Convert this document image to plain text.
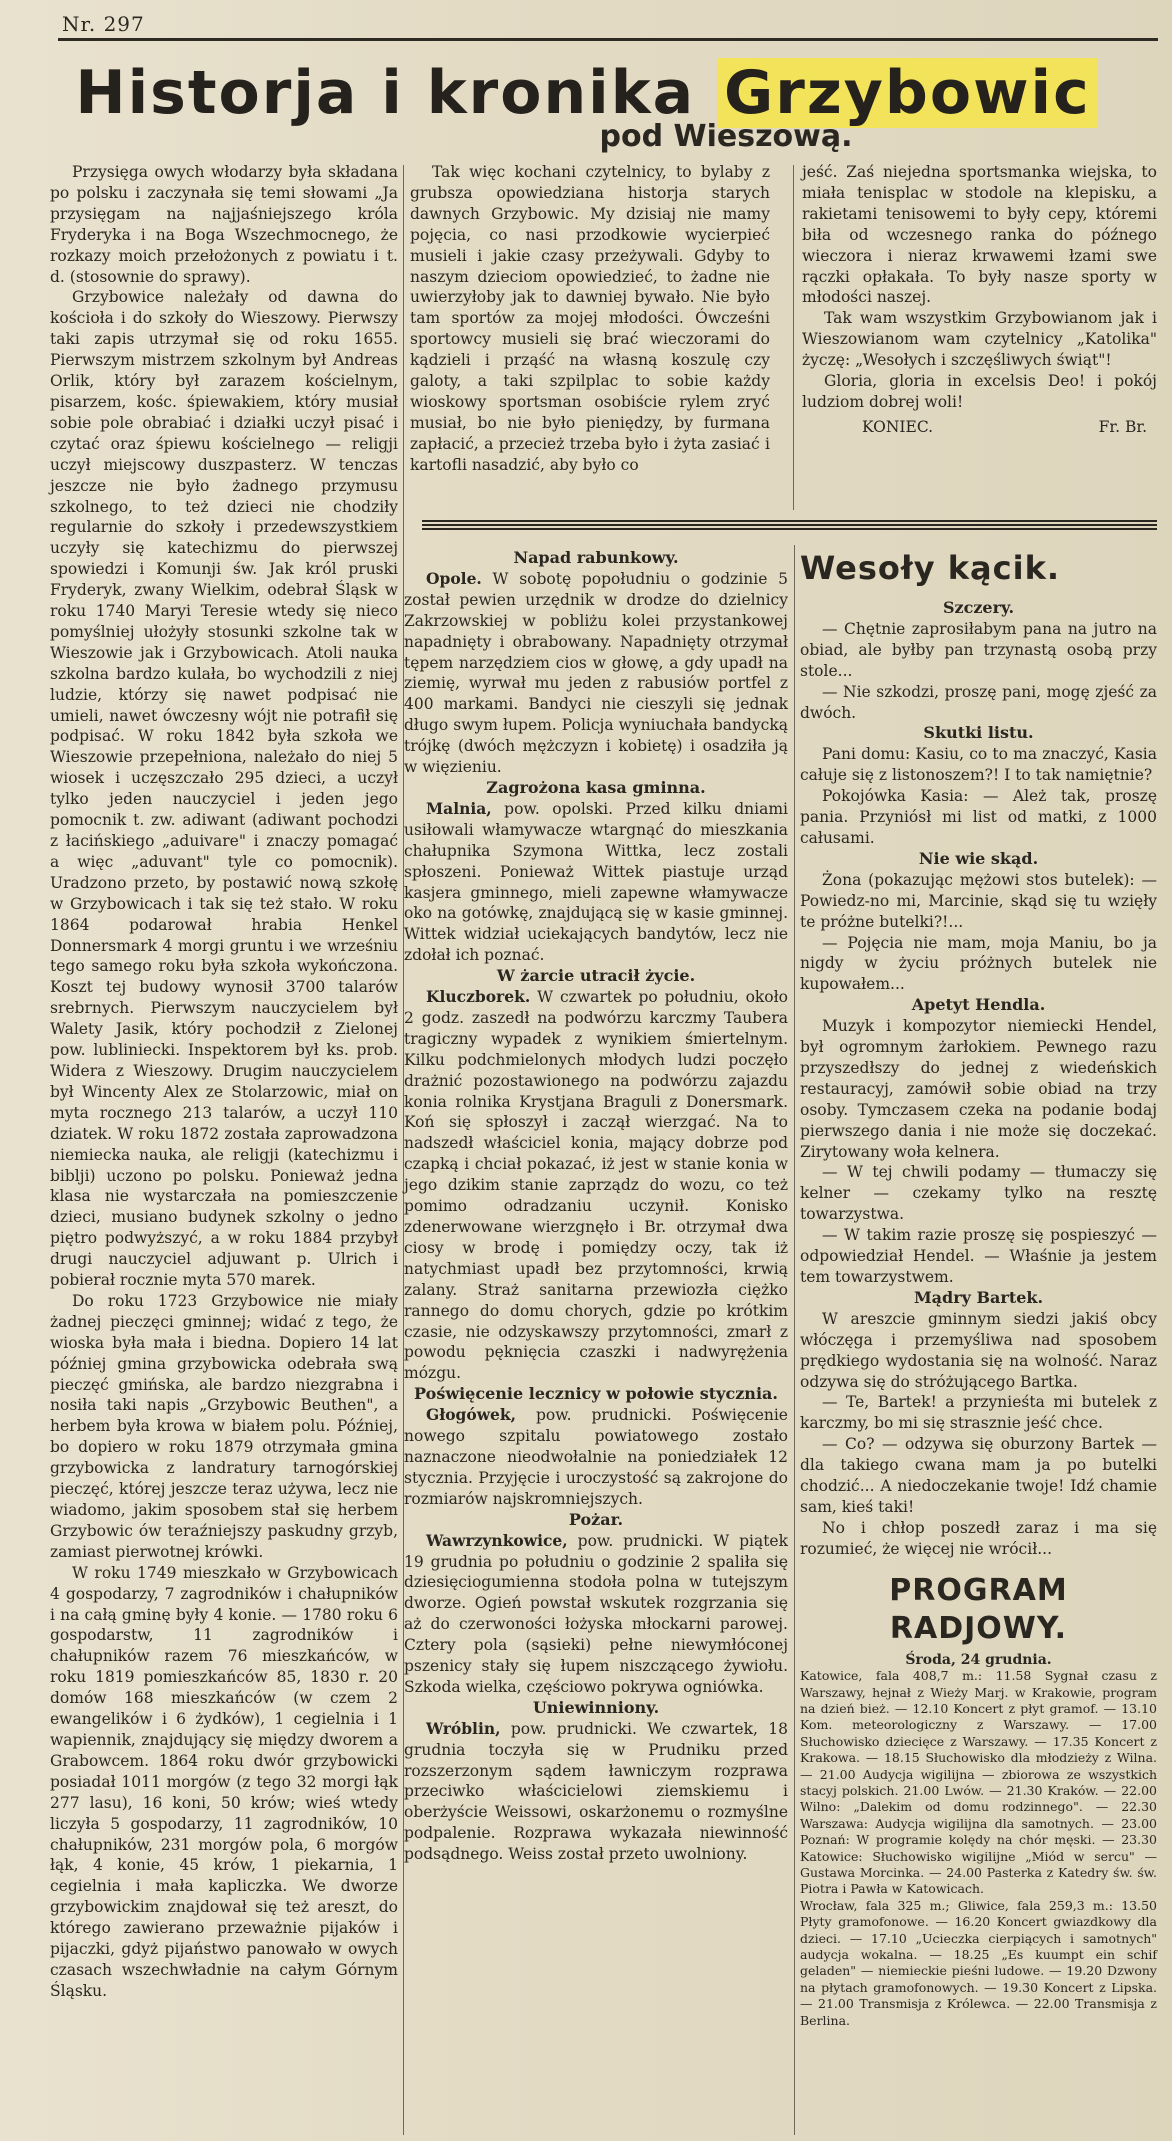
Nr. 297
Historja i kronika Grzybowic
pod Wieszową.

Przysięga owych włodarzy była składana po polsku i zaczynała się temi słowami „Ja przysięgam na najjaśniejszego króla Fryderyka i na Boga Wszechmocnego, że rozkazy moich przełożonych z powiatu i t. d. (stosownie do sprawy).

Grzybowice należały od dawna do kościoła i do szkoły do Wieszowy. Pierwszy taki zapis utrzymał się od roku 1655. Pierwszym mistrzem szkolnym był Andreas Orlik, który był zarazem kościelnym, pisarzem, kośc. śpiewakiem, który musiał sobie pole obrabiać i działki uczył pisać i czytać oraz śpiewu kościelnego — religji uczył miejscowy duszpasterz. W tenczas jeszcze nie było żadnego przymusu szkolnego, to też dzieci nie chodziły regularnie do szkoły i przedewszystkiem uczyły się katechizmu do pierwszej spowiedzi i Komunji św. Jak król pruski Fryderyk, zwany Wielkim, odebrał Śląsk w roku 1740 Maryi Teresie wtedy się nieco pomyślniej ułożyły stosunki szkolne tak w Wieszowie jak i Grzybowicach. Atoli nauka szkolna bardzo kulała, bo wychodzili z niej ludzie, którzy się nawet podpisać nie umieli, nawet ówczesny wójt nie potrafił się podpisać. W roku 1842 była szkoła we Wieszowie przepełniona, należało do niej 5 wiosek i uczęszczało 295 dzieci, a uczył tylko jeden nauczyciel i jeden jego pomocnik t. zw. adiwant (adiwant pochodzi z łacińskiego „aduivare" i znaczy pomagać a więc „aduvant" tyle co pomocnik). Uradzono przeto, by postawić nową szkołę w Grzybowicach i tak się też stało. W roku 1864 podarował hrabia Henkel Donnersmark 4 morgi gruntu i we wrześniu tego samego roku była szkoła wykończona. Koszt tej budowy wynosił 3700 talarów srebrnych. Pierwszym nauczycielem był Walety Jasik, który pochodził z Zielonej pow. lubliniecki. Inspektorem był ks. prob. Widera z Wieszowy. Drugim nauczycielem był Wincenty Alex ze Stolarzowic, miał on myta rocznego 213 talarów, a uczył 110 dziatek. W roku 1872 została zaprowadzona niemiecka nauka, ale religji (katechizmu i biblji) uczono po polsku. Ponieważ jedna klasa nie wystarczała na pomieszczenie dzieci, musiano budynek szkolny o jedno piętro podwyższyć, a w roku 1884 przybył drugi nauczyciel adjuwant p. Ulrich i pobierał rocznie myta 570 marek.

Do roku 1723 Grzybowice nie miały żadnej pieczęci gminnej; widać z tego, że wioska była mała i biedna. Dopiero 14 lat później gmina grzybowicka odebrała swą pieczęć gmińska, ale bardzo niezgrabna i nosiła taki napis „Grzybowic Beuthen", a herbem była krowa w białem polu. Później, bo dopiero w roku 1879 otrzymała gmina grzybowicka z landratury tarnogórskiej pieczęć, której jeszcze teraz używa, lecz nie wiadomo, jakim sposobem stał się herbem Grzybowic ów teraźniejszy paskudny grzyb, zamiast pierwotnej krówki.

W roku 1749 mieszkało w Grzybowicach 4 gospodarzy, 7 zagrodników i chałupników i na całą gminę były 4 konie. — 1780 roku 6 gospodarstw, 11 zagrodników i chałupników razem 76 mieszkańców, w roku 1819 pomieszkańców 85, 1830 r. 20 domów 168 mieszkańców (w czem 2 ewangelików i 6 żydków), 1 cegielnia i 1 wapiennik, znajdujący się między dworem a Grabowcem. 1864 roku dwór grzybowicki posiadał 1011 morgów (z tego 32 morgi łąk 277 lasu), 16 koni, 50 krów; wieś wtedy liczyła 5 gospodarzy, 11 zagrodników, 10 chałupników, 231 morgów pola, 6 morgów łąk, 4 konie, 45 krów, 1 piekarnia, 1 cegielnia i mała kapliczka. We dworze grzybowickim znajdował się też areszt, do którego zawierano przeważnie pijaków i pijaczki, gdyż pijaństwo panowało w owych czasach wszechwładnie na całym Górnym Śląsku.

Tak więc kochani czytelnicy, to bylaby z grubsza opowiedziana historja starych dawnych Grzybowic. My dzisiaj nie mamy pojęcia, co nasi przodkowie wycierpieć musieli i jakie czasy przeżywali. Gdyby to naszym dzieciom opowiedzieć, to żadne nie uwierzyłoby jak to dawniej bywało. Nie było tam sportów za mojej młodości. Ówcześni sportowcy musieli się brać wieczorami do kądzieli i prząść na własną koszulę czy galoty, a taki szpilplac to sobie każdy wioskowy sportsman osobiście rylem zryć musiał, bo nie było pieniędzy, by furmana zapłacić, a przecież trzeba było i żyta zasiać i kartofli nasadzić, aby było co

jeść. Zaś niejedna sportsmanka wiejska, to miała tenisplac w stodole na klepisku, a rakietami tenisowemi to były cepy, któremi biła od wczesnego ranka do późnego wieczora i nieraz krwawemi łzami swe rączki opłakała. To były nasze sporty w młodości naszej.

Tak wam wszystkim Grzybowianom jak i Wieszowianom wam czytelnicy „Katolika" życzę: „Wesołych i szczęśliwych świąt"!

Gloria, gloria in excelsis Deo! i pokój ludziom dobrej woli!

KONIEC.	Fr. Br.

Napad rabunkowy.

Opole. W sobotę popołudniu o godzinie 5 został pewien urzędnik w drodze do dzielnicy Zakrzowskiej w pobliżu kolei przystankowej napadnięty i obrabowany. Napadnięty otrzymał tępem narzędziem cios w głowę, a gdy upadł na ziemię, wyrwał mu jeden z rabusiów portfel z 400 markami. Bandyci nie cieszyli się jednak długo swym łupem. Policja wyniuchała bandycką trójkę (dwóch mężczyzn i kobietę) i osadziła ją w więzieniu.

Zagrożona kasa gminna.

Malnia, pow. opolski. Przed kilku dniami usiłowali włamywacze wtargnąć do mieszkania chałupnika Szymona Wittka, lecz zostali spłoszeni. Ponieważ Wittek piastuje urząd kasjera gminnego, mieli zapewne włamywacze oko na gotówkę, znajdującą się w kasie gminnej. Wittek widział uciekających bandytów, lecz nie zdołał ich poznać.

W żarcie utracił życie.

Kluczborek. W czwartek po południu, około 2 godz. zaszedł na podwórzu karczmy Taubera tragiczny wypadek z wynikiem śmiertelnym. Kilku podchmielonych młodych ludzi poczęło drażnić pozostawionego na podwórzu zajazdu konia rolnika Krystjana Braguli z Donersmark. Koń się spłoszył i zaczął wierzgać. Na to nadszedł właściciel konia, mający dobrze pod czapką i chciał pokazać, iż jest w stanie konia w jego dzikim stanie zaprządz do wozu, co też pomimo odradzaniu uczynił. Konisko zdenerwowane wierzgnęło i Br. otrzymał dwa ciosy w brodę i pomiędzy oczy, tak iż natychmiast upadł bez przytomności, krwią zalany. Straż sanitarna przewiozła ciężko rannego do domu chorych, gdzie po krótkim czasie, nie odzyskawszy przytomności, zmarł z powodu pęknięcia czaszki i nadwyrężenia mózgu.

Poświęcenie lecznicy w połowie stycznia.

Głogówek, pow. prudnicki. Poświęcenie nowego szpitalu powiatowego zostało naznaczone nieodwołalnie na poniedziałek 12 stycznia. Przyjęcie i uroczystość są zakrojone do rozmiarów najskromniejszych.

Pożar.

Wawrzynkowice, pow. prudnicki. W piątek 19 grudnia po południu o godzinie 2 spaliła się dziesięciogumienna stodoła polna w tutejszym dworze. Ogień powstał wskutek rozgrzania się aż do czerwoności łożyska młockarni parowej. Cztery pola (sąsieki) pełne niewymłóconej pszenicy stały się łupem niszczącego żywiołu. Szkoda wielka, częściowo pokrywa ogniówka.

Uniewinniony.

Wróblin, pow. prudnicki. We czwartek, 18 grudnia toczyła się w Prudniku przed rozszerzonym sądem ławniczym rozprawa przeciwko właścicielowi ziemskiemu i oberżyście Weissowi, oskarżonemu o rozmyślne podpalenie. Rozprawa wykazała niewinność podsądnego. Weiss został przeto uwolniony.

Wesoły kącik.

Szczery.

— Chętnie zaprosiłabym pana na jutro na obiad, ale byłby pan trzynastą osobą przy stole...

— Nie szkodzi, proszę pani, mogę zjeść za dwóch.

Skutki listu.

Pani domu: Kasiu, co to ma znaczyć, Kasia całuje się z listonoszem?! I to tak namiętnie?

Pokojówka Kasia: — Ależ tak, proszę pania. Przyniósł mi list od matki, z 1000 całusami.

Nie wie skąd.

Żona (pokazując mężowi stos butelek): — Powiedz-no mi, Marcinie, skąd się tu wzięły te próżne butelki?!...

— Pojęcia nie mam, moja Maniu, bo ja nigdy w życiu próżnych butelek nie kupowałem...

Apetyt Hendla.

Muzyk i kompozytor niemiecki Hendel, był ogromnym żarłokiem. Pewnego razu przyszedłszy do jednej z wiedeńskich restauracyj, zamówił sobie obiad na trzy osoby. Tymczasem czeka na podanie bodaj pierwszego dania i nie może się doczekać. Zirytowany woła kelnera.

— W tej chwili podamy — tłumaczy się kelner — czekamy tylko na resztę towarzystwa.

— W takim razie proszę się pospieszyć — odpowiedział Hendel. — Właśnie ja jestem tem towarzystwem.

Mądry Bartek.

W areszcie gminnym siedzi jakiś obcy włóczęga i przemyśliwa nad sposobem prędkiego wydostania się na wolność. Naraz odzywa się do stróżującego Bartka.

— Te, Bartek! a przynieśta mi butelek z karczmy, bo mi się strasznie jeść chce.

— Co? — odzywa się oburzony Bartek — dla takiego cwana mam ja po butelki chodzić... A niedoczekanie twoje! Idź chamie sam, kieś taki!

No i chłop poszedł zaraz i ma się rozumieć, że więcej nie wrócił...

PROGRAM RADJOWY.

Środa, 24 grudnia.

Katowice, fala 408,7 m.: 11.58 Sygnał czasu z Warszawy, hejnał z Wieży Marj. w Krakowie, program na dzień bież. — 12.10 Koncert z płyt gramof. — 13.10 Kom. meteorologiczny z Warszawy. — 17.00 Słuchowisko dziecięce z Warszawy. — 17.35 Koncert z Krakowa. — 18.15 Słuchowisko dla młodzieży z Wilna. — 21.00 Audycja wigilijna — zbiorowa ze wszystkich stacyj polskich. 21.00 Lwów. — 21.30 Kraków. — 22.00 Wilno: „Dalekim od domu rodzinnego". — 22.30 Warszawa: Audycja wigilijna dla samotnych. — 23.00 Poznań: W programie kolędy na chór męski. — 23.30 Katowice: Słuchowisko wigilijne „Miód w sercu" — Gustawa Morcinka. — 24.00 Pasterka z Katedry św. św. Piotra i Pawła w Katowicach.

Wrocław, fala 325 m.; Gliwice, fala 259,3 m.: 13.50 Płyty gramofonowe. — 16.20 Koncert gwiazdkowy dla dzieci. — 17.10 „Ucieczka cierpiących i samotnych" audycja wokalna. — 18.25 „Es kuumpt ein schif geladen" — niemieckie pieśni ludowe. — 19.20 Dzwony na płytach gramofonowych. — 19.30 Koncert z Lipska. — 21.00 Transmisja z Królewca. — 22.00 Transmisja z Berlina.
